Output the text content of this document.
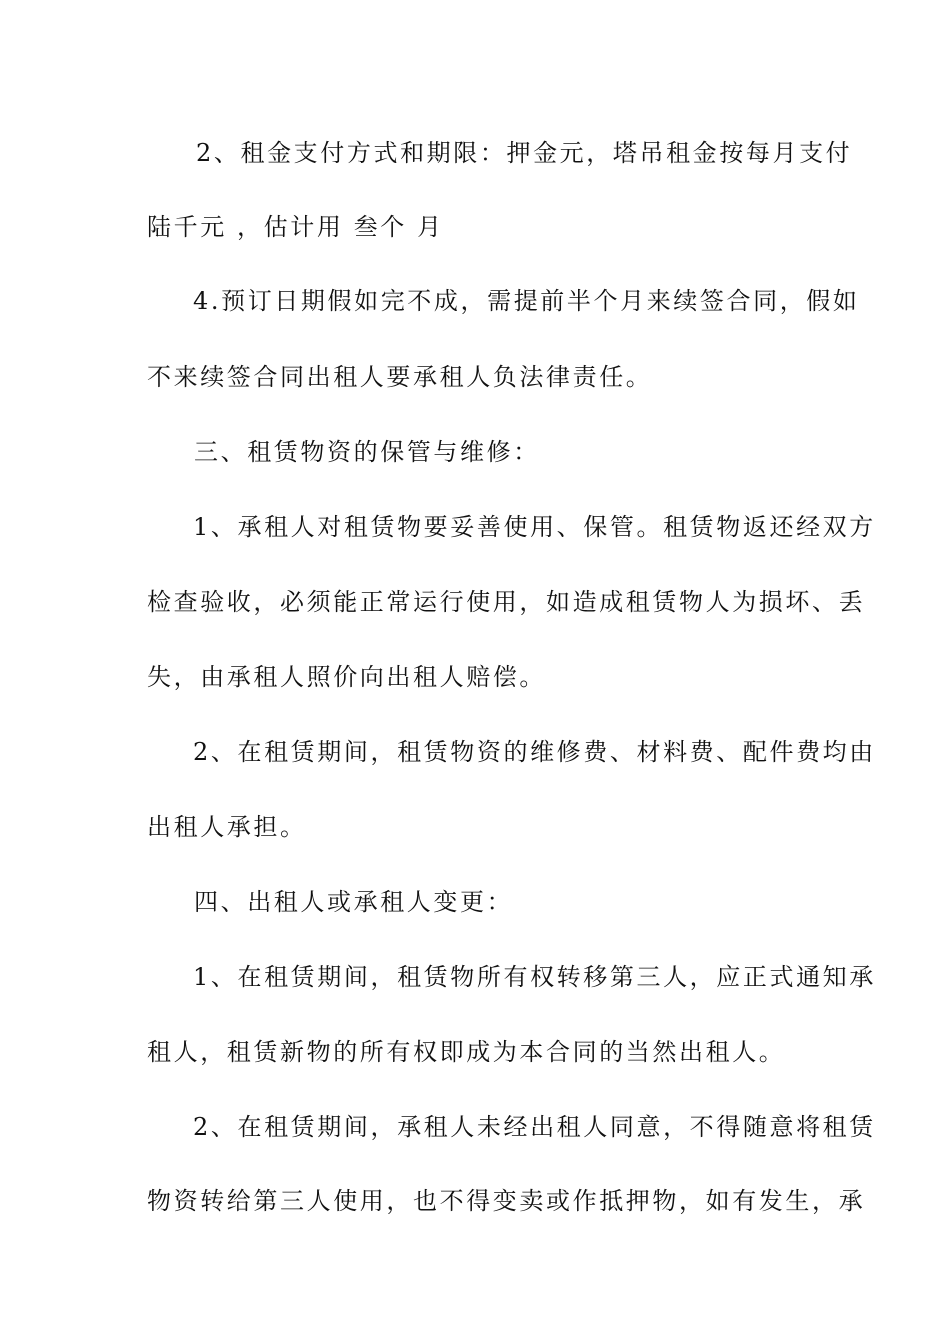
2、租金支付方式和期限：押金元，塔吊租金按每月支付
陆千元 ，估计用 叁个 月
4.预订日期假如完不成，需提前半个月来续签合同，假如
不来续签合同出租人要承租人负法律责任。
三、租赁物资的保管与维修：
1、承租人对租赁物要妥善使用、保管。租赁物返还经双方
检查验收，必须能正常运行使用，如造成租赁物人为损坏、丢
失，由承租人照价向出租人赔偿。
2、在租赁期间，租赁物资的维修费、材料费、配件费均由
出租人承担。
四、出租人或承租人变更：
1、在租赁期间，租赁物所有权转移第三人，应正式通知承
租人，租赁新物的所有权即成为本合同的当然出租人。
2、在租赁期间，承租人未经出租人同意，不得随意将租赁
物资转给第三人使用，也不得变卖或作抵押物，如有发生，承
